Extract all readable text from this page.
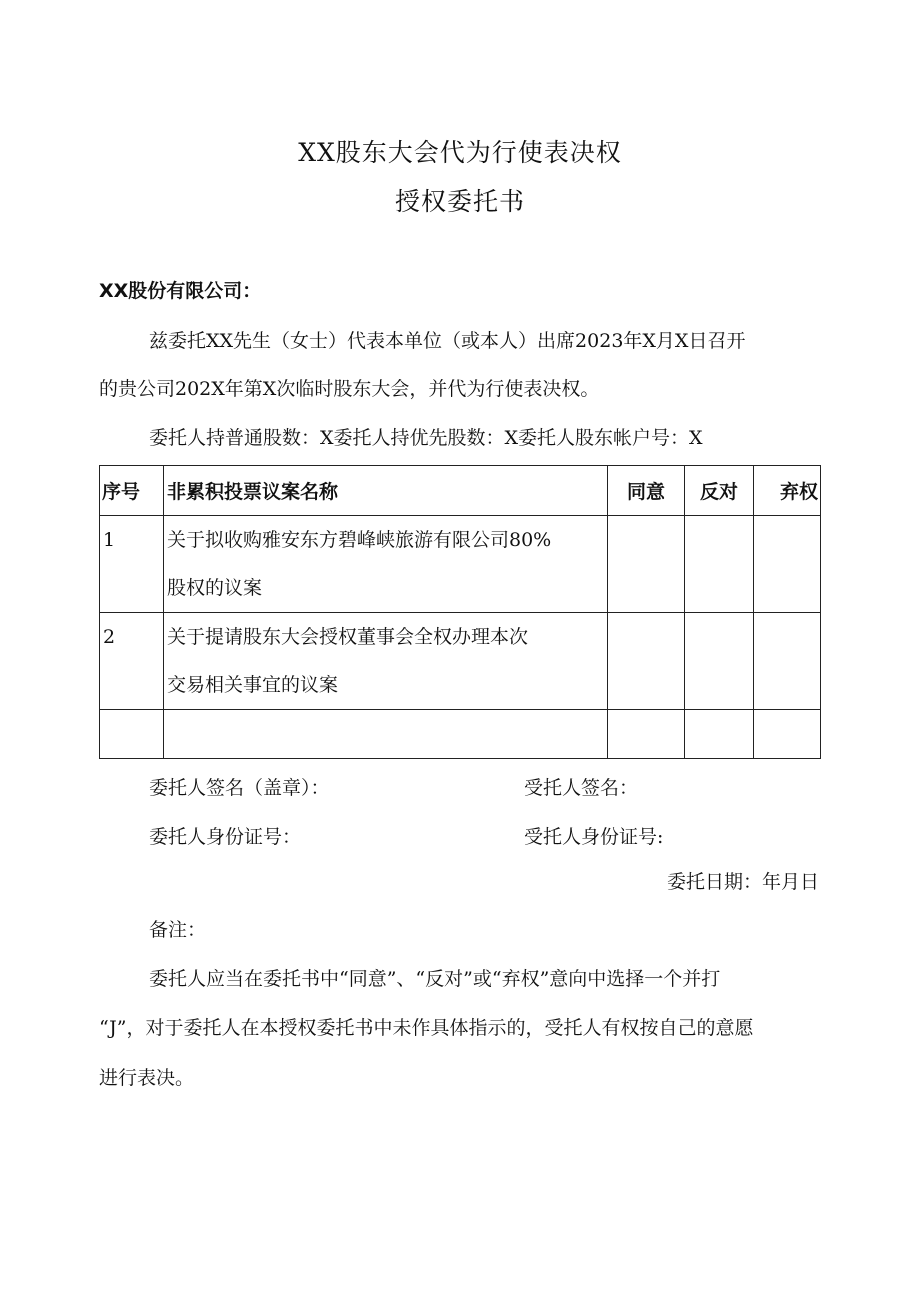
XX股东大会代为行使表决权
授权委托书
XX股份有限公司：
兹委托XX先生（女士）代表本单位（或本人）出席2023年X月X日召开
的贵公司202X年第X次临时股东大会，并代为行使表决权。
委托人持普通股数：X委托人持优先股数：X委托人股东帐户号：X
序号	非累积投票议案名称	同意	反对	弃权

1	关于拟收购雅安东方碧峰峡旅游有限公司80%
股权的议案			

2	关于提请股东大会授权董事会全权办理本次
交易相关事宜的议案			

委托人签名（盖章）：	受托人签名：
委托人身份证号：	受托人身份证号:
委托日期：年月日
备注：
委托人应当在委托书中“同意”、“反对”或“弃权”意向中选择一个并打
“J”，对于委托人在本授权委托书中未作具体指示的，受托人有权按自己的意愿
进行表决。
